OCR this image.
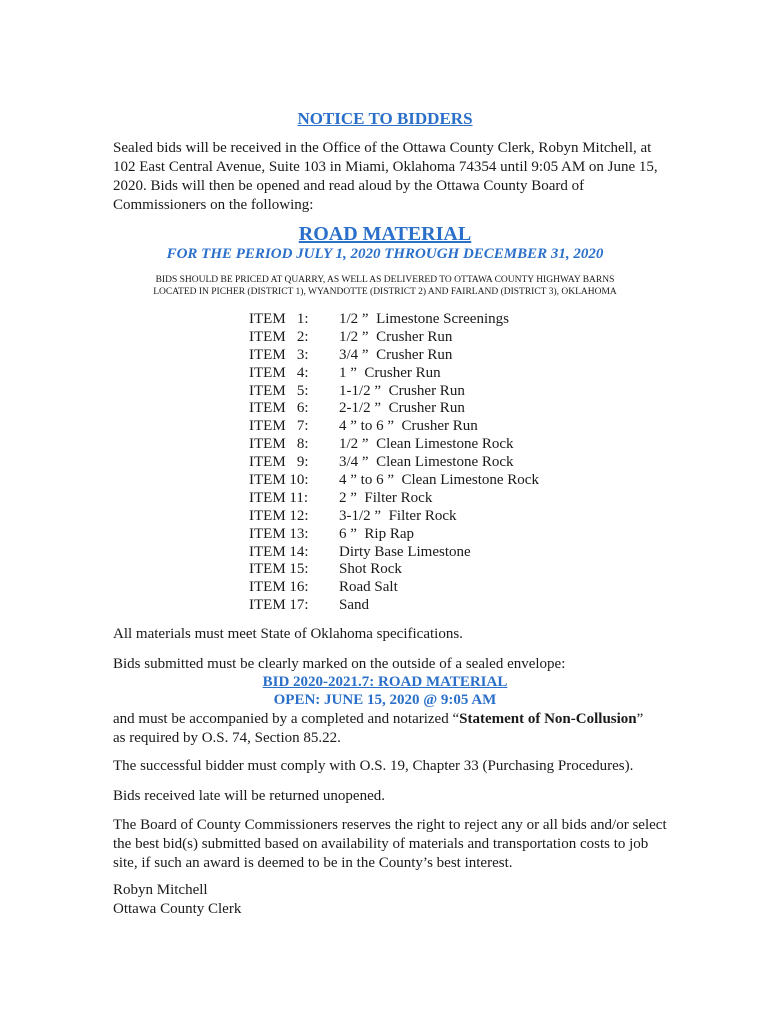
NOTICE TO BIDDERS
Sealed bids will be received in the Office of the Ottawa County Clerk, Robyn Mitchell, at 102 East Central Avenue, Suite 103 in Miami, Oklahoma 74354 until 9:05 AM on June 15, 2020. Bids will then be opened and read aloud by the Ottawa County Board of Commissioners on the following:
ROAD MATERIAL
FOR THE PERIOD JULY 1, 2020 THROUGH DECEMBER 31, 2020
BIDS SHOULD BE PRICED AT QUARRY, AS WELL AS DELIVERED TO OTTAWA COUNTY HIGHWAY BARNS
LOCATED IN PICHER (DISTRICT 1), WYANDOTTE (DISTRICT 2) AND FAIRLAND (DISTRICT 3), OKLAHOMA
ITEM   1:	1/2 ”  Limestone Screenings
ITEM   2:	1/2 ”  Crusher Run
ITEM   3:	3/4 ”  Crusher Run
ITEM   4:	1 ”  Crusher Run
ITEM   5:	1-1/2 ”  Crusher Run
ITEM   6:	2-1/2 ”  Crusher Run
ITEM   7:	4 ” to 6 ”  Crusher Run
ITEM   8:	1/2 ”  Clean Limestone Rock
ITEM   9:	3/4 ”  Clean Limestone Rock
ITEM 10:	4 ” to 6 ”  Clean Limestone Rock
ITEM 11:	2 ”  Filter Rock
ITEM 12:	3-1/2 ”  Filter Rock
ITEM 13:	6 ”  Rip Rap
ITEM 14:	Dirty Base Limestone
ITEM 15:	Shot Rock
ITEM 16:	Road Salt
ITEM 17:	Sand
All materials must meet State of Oklahoma specifications.
Bids submitted must be clearly marked on the outside of a sealed envelope:
BID 2020-2021.7: ROAD MATERIAL
OPEN: JUNE 15, 2020 @ 9:05 AM
and must be accompanied by a completed and notarized “Statement of Non-Collusion”
as required by O.S. 74, Section 85.22.
The successful bidder must comply with O.S. 19, Chapter 33 (Purchasing Procedures).
Bids received late will be returned unopened.
The Board of County Commissioners reserves the right to reject any or all bids and/or select the best bid(s) submitted based on availability of materials and transportation costs to job site, if such an award is deemed to be in the County’s best interest.
Robyn Mitchell
Ottawa County Clerk
